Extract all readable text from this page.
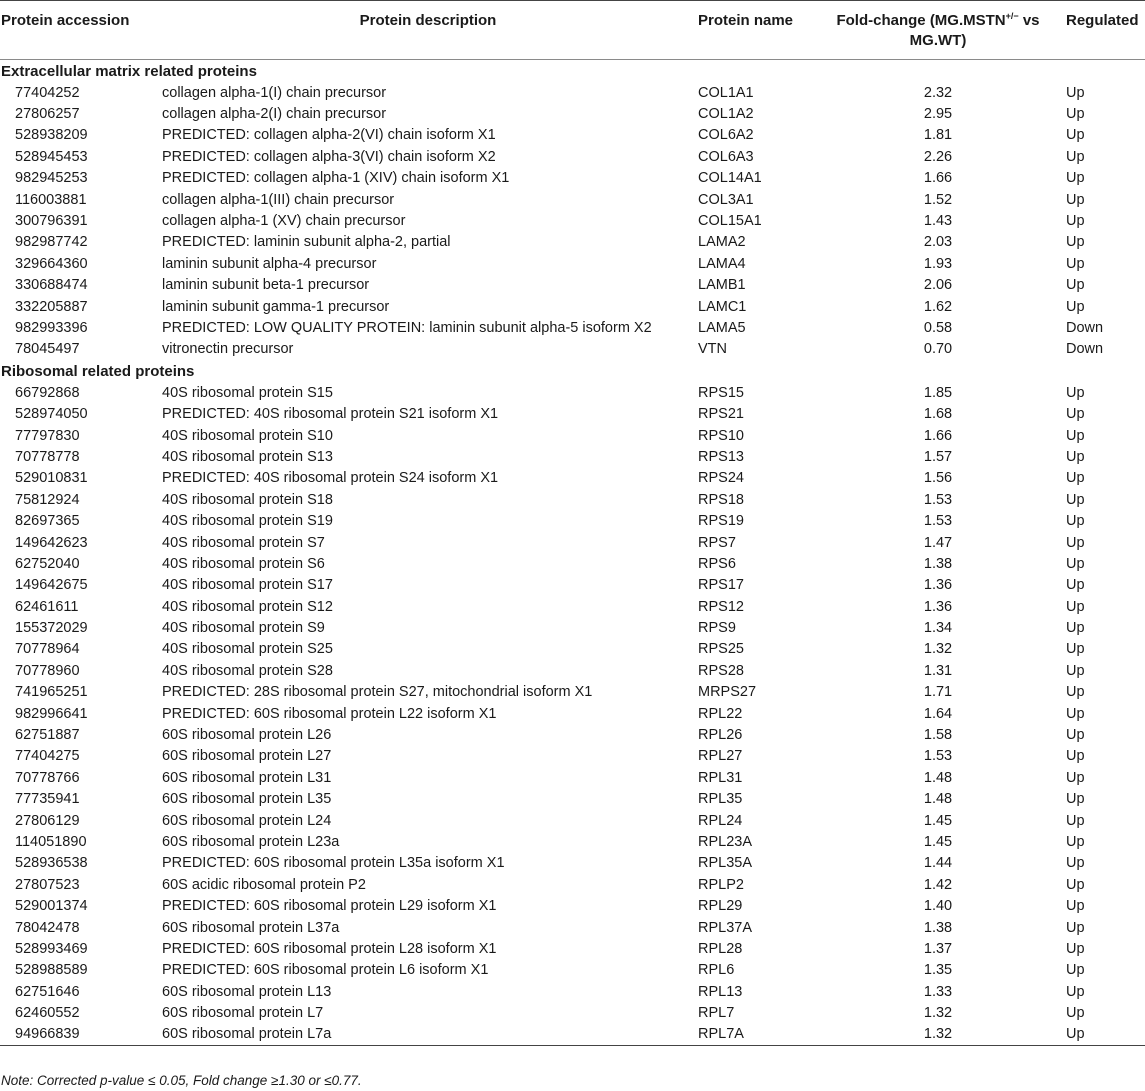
Protein accession	Protein description	Protein name	Fold-change (MG.MSTN+/− vs
MG.WT)	Regulated

Extracellular matrix related proteins				
77404252	collagen alpha-1(I) chain precursor	COL1A1	2.32	Up
27806257	collagen alpha-2(I) chain precursor	COL1A2	2.95	Up
528938209	PREDICTED: collagen alpha-2(VI) chain isoform X1	COL6A2	1.81	Up
528945453	PREDICTED: collagen alpha-3(VI) chain isoform X2	COL6A3	2.26	Up
982945253	PREDICTED: collagen alpha-1 (XIV) chain isoform X1	COL14A1	1.66	Up
116003881	collagen alpha-1(III) chain precursor	COL3A1	1.52	Up
300796391	collagen alpha-1 (XV) chain precursor	COL15A1	1.43	Up
982987742	PREDICTED: laminin subunit alpha-2, partial	LAMA2	2.03	Up
329664360	laminin subunit alpha-4 precursor	LAMA4	1.93	Up
330688474	laminin subunit beta-1 precursor	LAMB1	2.06	Up
332205887	laminin subunit gamma-1 precursor	LAMC1	1.62	Up
982993396	PREDICTED: LOW QUALITY PROTEIN: laminin subunit alpha-5 isoform X2	LAMA5	0.58	Down
78045497	vitronectin precursor	VTN	0.70	Down
Ribosomal related proteins				
66792868	40S ribosomal protein S15	RPS15	1.85	Up
528974050	PREDICTED: 40S ribosomal protein S21 isoform X1	RPS21	1.68	Up
77797830	40S ribosomal protein S10	RPS10	1.66	Up
70778778	40S ribosomal protein S13	RPS13	1.57	Up
529010831	PREDICTED: 40S ribosomal protein S24 isoform X1	RPS24	1.56	Up
75812924	40S ribosomal protein S18	RPS18	1.53	Up
82697365	40S ribosomal protein S19	RPS19	1.53	Up
149642623	40S ribosomal protein S7	RPS7	1.47	Up
62752040	40S ribosomal protein S6	RPS6	1.38	Up
149642675	40S ribosomal protein S17	RPS17	1.36	Up
62461611	40S ribosomal protein S12	RPS12	1.36	Up
155372029	40S ribosomal protein S9	RPS9	1.34	Up
70778964	40S ribosomal protein S25	RPS25	1.32	Up
70778960	40S ribosomal protein S28	RPS28	1.31	Up
741965251	PREDICTED: 28S ribosomal protein S27, mitochondrial isoform X1	MRPS27	1.71	Up
982996641	PREDICTED: 60S ribosomal protein L22 isoform X1	RPL22	1.64	Up
62751887	60S ribosomal protein L26	RPL26	1.58	Up
77404275	60S ribosomal protein L27	RPL27	1.53	Up
70778766	60S ribosomal protein L31	RPL31	1.48	Up
77735941	60S ribosomal protein L35	RPL35	1.48	Up
27806129	60S ribosomal protein L24	RPL24	1.45	Up
114051890	60S ribosomal protein L23a	RPL23A	1.45	Up
528936538	PREDICTED: 60S ribosomal protein L35a isoform X1	RPL35A	1.44	Up
27807523	60S acidic ribosomal protein P2	RPLP2	1.42	Up
529001374	PREDICTED: 60S ribosomal protein L29 isoform X1	RPL29	1.40	Up
78042478	60S ribosomal protein L37a	RPL37A	1.38	Up
528993469	PREDICTED: 60S ribosomal protein L28 isoform X1	RPL28	1.37	Up
528988589	PREDICTED: 60S ribosomal protein L6 isoform X1	RPL6	1.35	Up
62751646	60S ribosomal protein L13	RPL13	1.33	Up
62460552	60S ribosomal protein L7	RPL7	1.32	Up
94966839	60S ribosomal protein L7a	RPL7A	1.32	Up
Note: Corrected p-value ≤ 0.05, Fold change ≥1.30 or ≤0.77.
